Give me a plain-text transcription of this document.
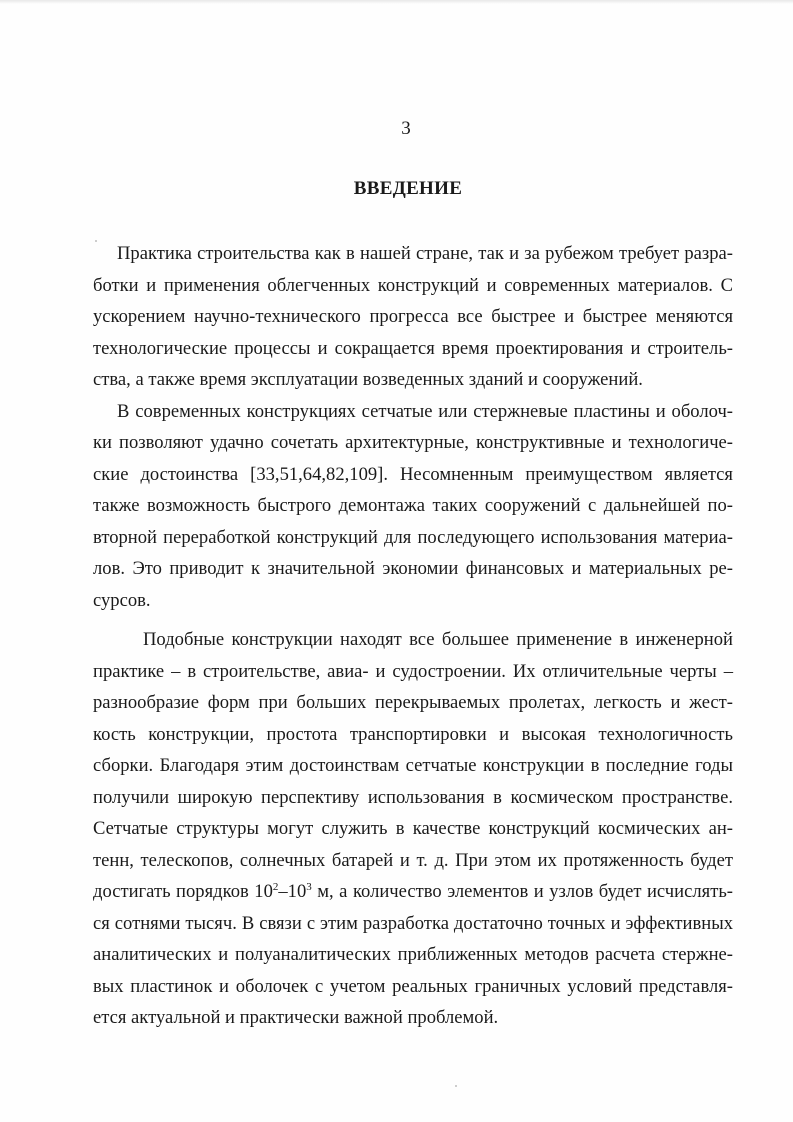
3
ВВЕДЕНИЕ
Практика строительства как в нашей стране, так и за рубежом требует разра-
ботки и применения облегченных конструкций и современных материалов. С
ускорением научно-технического прогресса все быстрее и быстрее меняются
технологические процессы и сокращается время проектирования и строитель-
ства, а также время эксплуатации возведенных зданий и сооружений.
В современных конструкциях сетчатые или стержневые пластины и оболоч-
ки позволяют удачно сочетать архитектурные, конструктивные и технологиче-
ские достоинства [33,51,64,82,109]. Несомненным преимуществом является
также возможность быстрого демонтажа таких сооружений с дальнейшей по-
вторной переработкой конструкций для последующего использования материа-
лов. Это приводит к значительной экономии финансовых и материальных ре-
сурсов.
Подобные конструкции находят все большее применение в инженерной
практике – в строительстве, авиа- и судостроении. Их отличительные черты –
разнообразие форм при больших перекрываемых пролетах, легкость и жест-
кость конструкции, простота транспортировки и высокая технологичность
сборки. Благодаря этим достоинствам сетчатые конструкции в последние годы
получили широкую перспективу использования в космическом пространстве.
Сетчатые структуры могут служить в качестве конструкций космических ан-
тенн, телескопов, солнечных батарей и т. д. При этом их протяженность будет
достигать порядков $10^2-10^3$ м, а количество элементов и узлов будет исчислять-
ся сотнями тысяч. В связи с этим разработка достаточно точных и эффективных
аналитических и полуаналитических приближенных методов расчета стержне-
вых пластинок и оболочек с учетом реальных граничных условий представля-
ется актуальной и практически важной проблемой.
